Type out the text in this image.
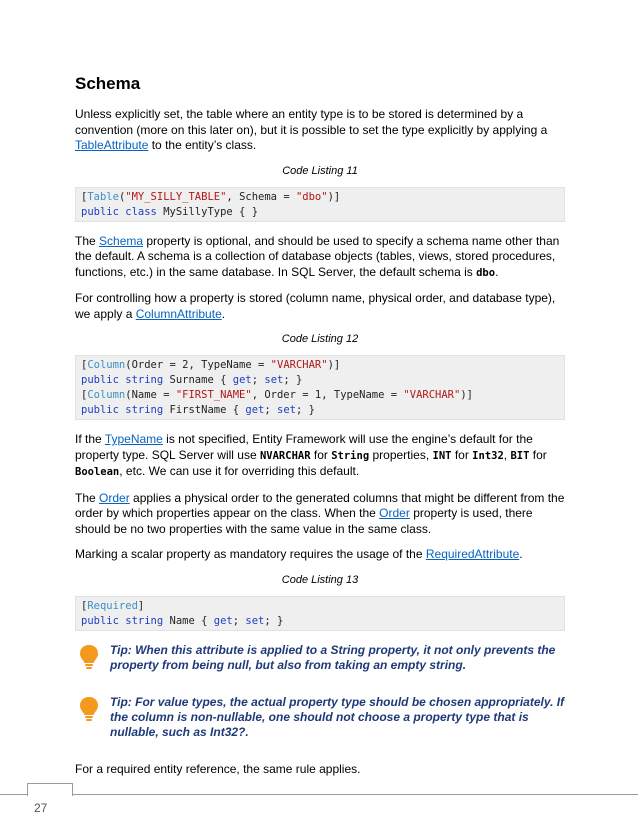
Schema

Unless explicitly set, the table where an entity type is to be stored is determined by a convention (more on this later on), but it is possible to set the type explicitly by applying a TableAttribute to the entity’s class.

Code Listing 11
[Table("MY_SILLY_TABLE", Schema = "dbo")]
public class MySillyType { }

The Schema property is optional, and should be used to specify a schema name other than the default. A schema is a collection of database objects (tables, views, stored procedures, functions, etc.) in the same database. In SQL Server, the default schema is dbo.

For controlling how a property is stored (column name, physical order, and database type), we apply a ColumnAttribute.

Code Listing 12
[Column(Order = 2, TypeName = "VARCHAR")]
public string Surname { get; set; }
[Column(Name = "FIRST_NAME", Order = 1, TypeName = "VARCHAR")]
public string FirstName { get; set; }

If the TypeName is not specified, Entity Framework will use the engine’s default for the property type. SQL Server will use NVARCHAR for String properties, INT for Int32, BIT for Boolean, etc. We can use it for overriding this default.

The Order applies a physical order to the generated columns that might be different from the order by which properties appear on the class. When the Order property is used, there should be no two properties with the same value in the same class.

Marking a scalar property as mandatory requires the usage of the RequiredAttribute.

Code Listing 13
[Required]
public string Name { get; set; }
Tip: When this attribute is applied to a String property, it not only prevents the property from being null, but also from taking an empty string.
Tip: For value types, the actual property type should be chosen appropriately. If the column is non-nullable, one should not choose a property type that is nullable, such as Int32?.

For a required entity reference, the same rule applies.

27
